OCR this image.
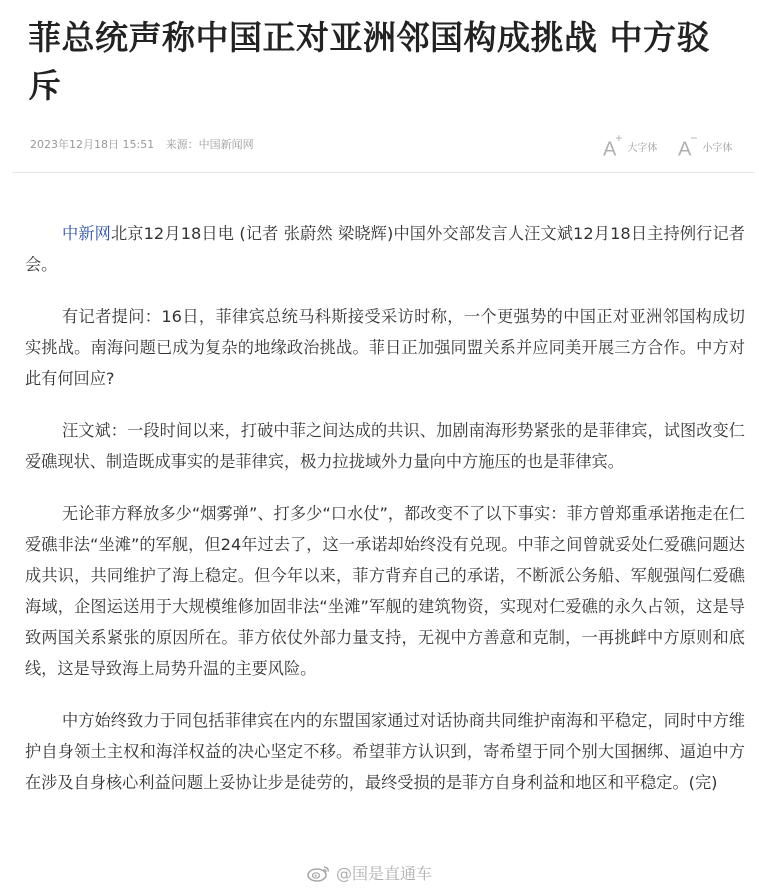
菲总统声称中国正对亚洲邻国构成挑战 中方驳斥
2023年12月18日 15:51 来源：中国新闻网	A+
大字体 A−
小字体

中新网北京12月18日电 (记者 张蔚然 梁晓辉)中国外交部发言人汪文斌12月18日主持例行记者会。

有记者提问：16日，菲律宾总统马科斯接受采访时称，一个更强势的中国正对亚洲邻国构成切实挑战。南海问题已成为复杂的地缘政治挑战。菲日正加强同盟关系并应同美开展三方合作。中方对此有何回应?

汪文斌：一段时间以来，打破中菲之间达成的共识、加剧南海形势紧张的是菲律宾，试图改变仁爱礁现状、制造既成事实的是菲律宾，极力拉拢域外力量向中方施压的也是菲律宾。

无论菲方释放多少“烟雾弹”、打多少“口水仗”，都改变不了以下事实：菲方曾郑重承诺拖走在仁爱礁非法“坐滩”的军舰，但24年过去了，这一承诺却始终没有兑现。中菲之间曾就妥处仁爱礁问题达成共识，共同维护了海上稳定。但今年以来，菲方背弃自己的承诺，不断派公务船、军舰强闯仁爱礁海域，企图运送用于大规模维修加固非法“坐滩”军舰的建筑物资，实现对仁爱礁的永久占领，这是导致两国关系紧张的原因所在。菲方依仗外部力量支持，无视中方善意和克制，一再挑衅中方原则和底线，这是导致海上局势升温的主要风险。

中方始终致力于同包括菲律宾在内的东盟国家通过对话协商共同维护南海和平稳定，同时中方维护自身领土主权和海洋权益的决心坚定不移。希望菲方认识到，寄希望于同个别大国捆绑、逼迫中方在涉及自身核心利益问题上妥协让步是徒劳的，最终受损的是菲方自身利益和地区和平稳定。(完)

@国是直通车
